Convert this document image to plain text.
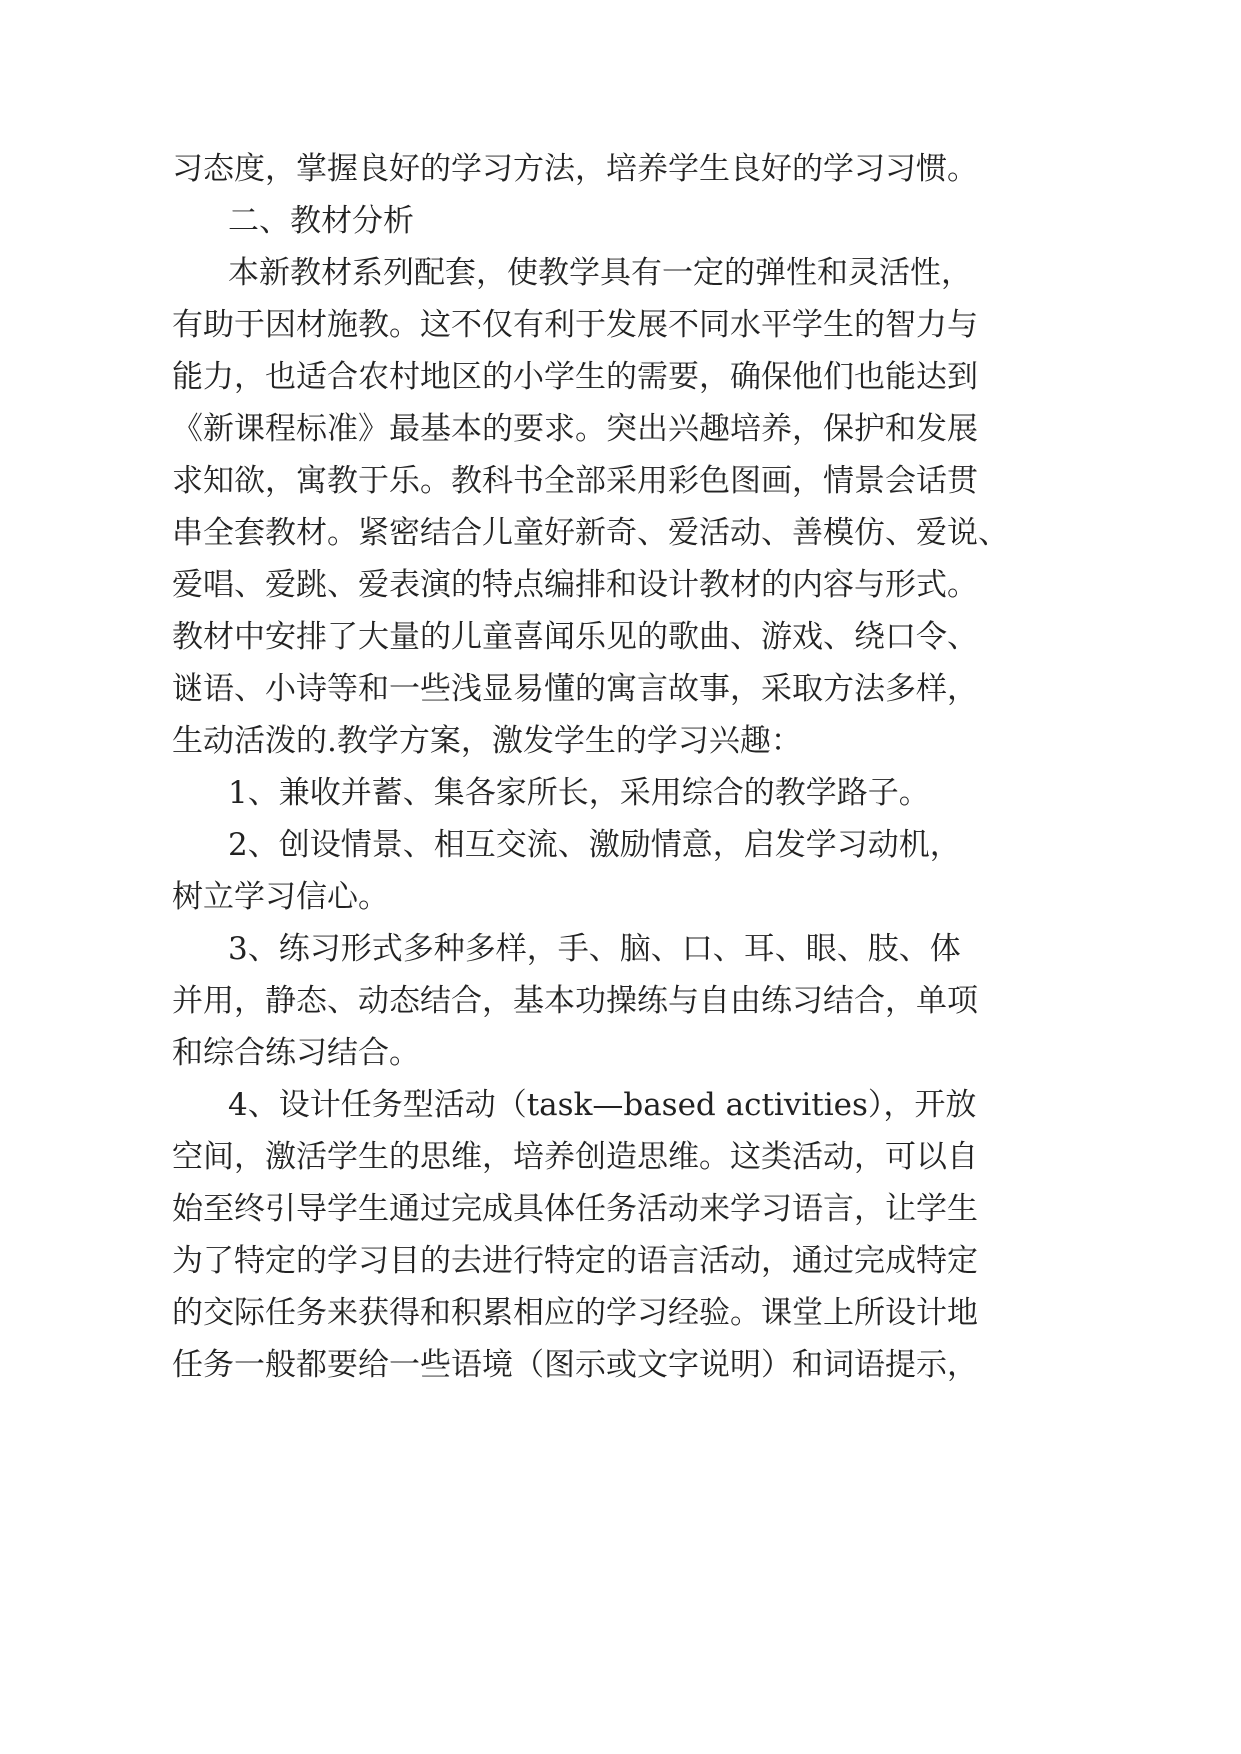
习态度，掌握良好的学习方法，培养学生良好的学习习惯。
二、教材分析
本新教材系列配套，使教学具有一定的弹性和灵活性，
有助于因材施教。这不仅有利于发展不同水平学生的智力与
能力，也适合农村地区的小学生的需要，确保他们也能达到
《新课程标准》最基本的要求。突出兴趣培养，保护和发展
求知欲，寓教于乐。教科书全部采用彩色图画，情景会话贯
串全套教材。紧密结合儿童好新奇、爱活动、善模仿、爱说、
爱唱、爱跳、爱表演的特点编排和设计教材的内容与形式。
教材中安排了大量的儿童喜闻乐见的歌曲、游戏、绕口令、
谜语、小诗等和一些浅显易懂的寓言故事，采取方法多样，
生动活泼的.教学方案，激发学生的学习兴趣：
1、兼收并蓄、集各家所长，采用综合的教学路子。
2、创设情景、相互交流、激励情意，启发学习动机，
树立学习信心。
3、练习形式多种多样，手、脑、口、耳、眼、肢、体
并用，静态、动态结合，基本功操练与自由练习结合，单项
和综合练习结合。
4、设计任务型活动（task—based activities），开放
空间，激活学生的思维，培养创造思维。这类活动，可以自
始至终引导学生通过完成具体任务活动来学习语言，让学生
为了特定的学习目的去进行特定的语言活动，通过完成特定
的交际任务来获得和积累相应的学习经验。课堂上所设计地
任务一般都要给一些语境（图示或文字说明）和词语提示，
